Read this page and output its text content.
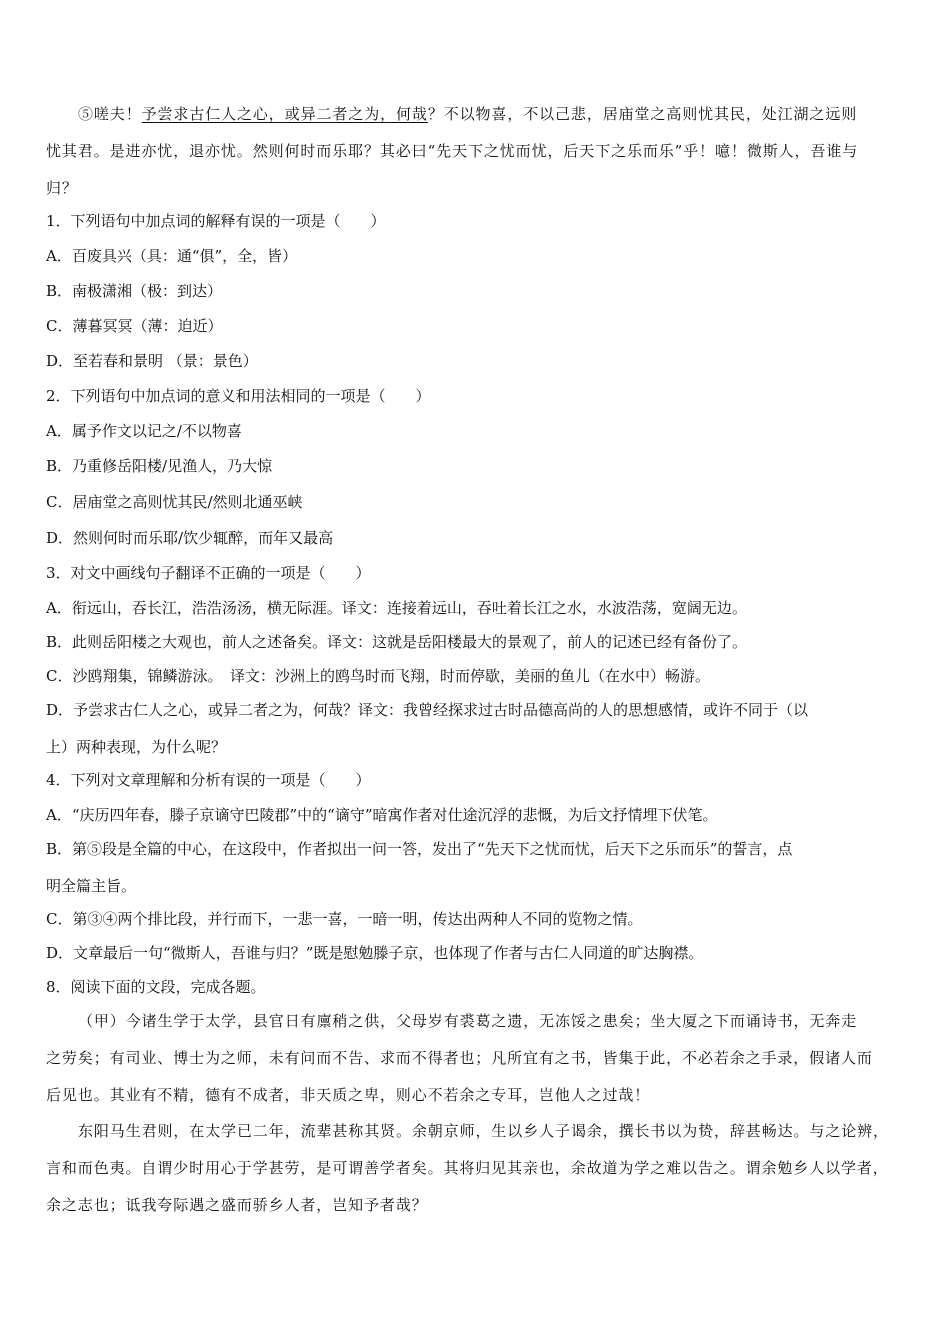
⑤嗟夫！予尝求古仁人之心，或异二者之为，何哉？不以物喜，不以己悲，居庙堂之高则忧其民，处江湖之远则
忧其君。是进亦忧，退亦忧。然则何时而乐耶？其必曰“先天下之忧而忧，后天下之乐而乐”乎！噫！微斯人，吾谁与
归？
1．下列语句中加点词的解释有误的一项是（　　）
A．百废具兴（具：通“俱”，全，皆）
B．南极潇湘（极：到达）
C．薄暮冥冥（薄：迫近）
D．至若春和景明 （景：景色）
2．下列语句中加点词的意义和用法相同的一项是（　　）
A．属予作文以记之/不以物喜
B．乃重修岳阳楼/见渔人，乃大惊
C．居庙堂之高则忧其民/然则北通巫峡
D．然则何时而乐耶/饮少辄醉，而年又最高
3．对文中画线句子翻译不正确的一项是（　　）
A．衔远山，吞长江，浩浩汤汤，横无际涯。译文：连接着远山，吞吐着长江之水，水波浩荡，宽阔无边。
B．此则岳阳楼之大观也，前人之述备矣。译文：这就是岳阳楼最大的景观了，前人的记述已经有备份了。
C．沙鸥翔集，锦鳞游泳。　译文：沙洲上的鸥鸟时而飞翔，时而停歇，美丽的鱼儿（在水中）畅游。
D．予尝求古仁人之心，或异二者之为，何哉？译文：我曾经探求过古时品德高尚的人的思想感情，或许不同于（以
上）两种表现，为什么呢？
4．下列对文章理解和分析有误的一项是（　　）
A．“庆历四年春，滕子京谪守巴陵郡”中的“谪守”暗寓作者对仕途沉浮的悲慨，为后文抒情埋下伏笔。
B．第⑤段是全篇的中心，在这段中，作者拟出一问一答，发出了“先天下之忧而忧，后天下之乐而乐”的誓言，点
明全篇主旨。
C．第③④两个排比段，并行而下，一悲一喜，一暗一明，传达出两种人不同的览物之情。
D．文章最后一句“微斯人，吾谁与归？”既是慰勉滕子京，也体现了作者与古仁人同道的旷达胸襟。
8．阅读下面的文段，完成各题。
（甲）今诸生学于太学，县官日有廪稍之供，父母岁有裘葛之遗，无冻馁之患矣；坐大厦之下而诵诗书，无奔走
之劳矣；有司业、博士为之师，未有问而不告、求而不得者也；凡所宜有之书，皆集于此，不必若余之手录，假诸人而
后见也。其业有不精，德有不成者，非天质之卑，则心不若余之专耳，岂他人之过哉！
东阳马生君则，在太学已二年，流辈甚称其贤。余朝京师，生以乡人子谒余，撰长书以为贽，辞甚畅达。与之论辨，
言和而色夷。自谓少时用心于学甚劳，是可谓善学者矣。其将归见其亲也，余故道为学之难以告之。谓余勉乡人以学者，
余之志也；诋我夸际遇之盛而骄乡人者，岂知予者哉？
